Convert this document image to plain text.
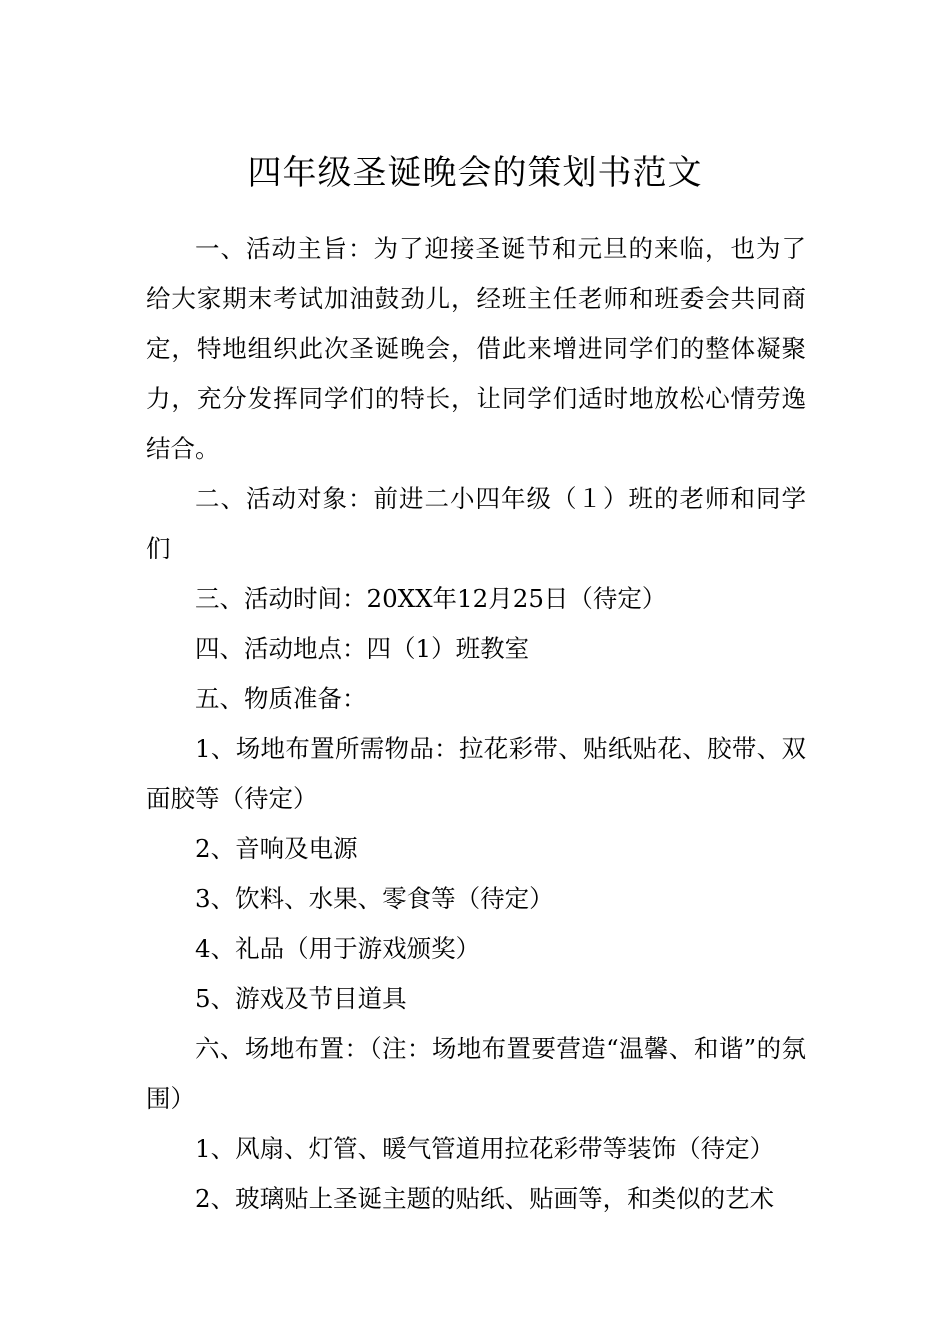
四年级圣诞晚会的策划书范文

一、活动主旨：为了迎接圣诞节和元旦的来临，也为了给大家期末考试加油鼓劲儿，经班主任老师和班委会共同商定，特地组织此次圣诞晚会，借此来增进同学们的整体凝聚力，充分发挥同学们的特长，让同学们适时地放松心情劳逸结合。

二、活动对象：前进二小四年级（１）班的老师和同学们

三、活动时间：20XX年12月25日（待定）

四、活动地点：四（1）班教室

五、物质准备：

1、场地布置所需物品：拉花彩带、贴纸贴花、胶带、双面胶等（待定）

2、音响及电源

3、饮料、水果、零食等（待定）

4、礼品（用于游戏颁奖）

5、游戏及节目道具

六、场地布置：（注：场地布置要营造“温馨、和谐”的氛围）

1、风扇、灯管、暖气管道用拉花彩带等装饰（待定）

2、玻璃贴上圣诞主题的贴纸、贴画等，和类似的艺术
